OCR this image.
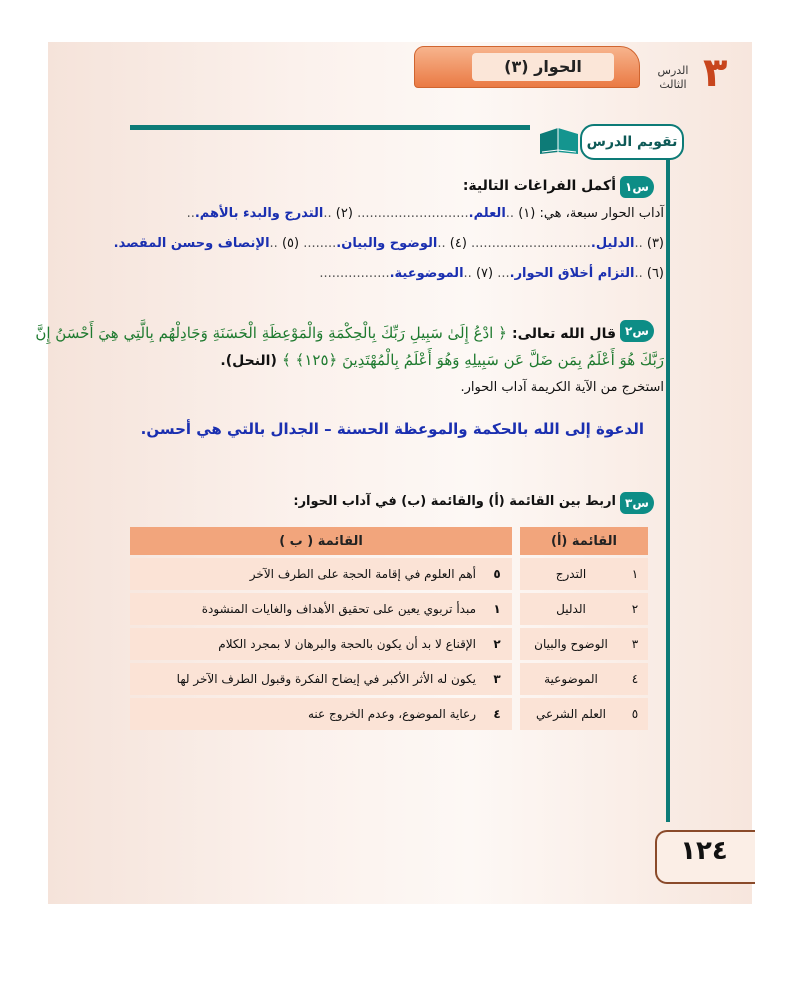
٣
الدرس
الثالث
الحوار (٣)
تقويم الدرس
س١
أكمل الفراغات التالية:
آداب الحوار سبعة، هي: (١) ..العلم............................ (٢) ..التدرج والبدء بالأهم...
(٣) ..الدليل.............................. (٤) ..الوضوح والبيان......... (٥) ..الإنصاف وحسن المقصد.
(٦) ..التزام أخلاق الحوار.... (٧) ..الموضوعية..................
س٢
قال الله تعالى: ﴿ ادْعُ إِلَىٰ سَبِيلِ رَبِّكَ بِالْحِكْمَةِ وَالْمَوْعِظَةِ الْحَسَنَةِ وَجَادِلْهُم بِالَّتِي هِيَ أَحْسَنُ إِنَّ
رَبَّكَ هُوَ أَعْلَمُ بِمَن ضَلَّ عَن سَبِيلِهِ وَهُوَ أَعْلَمُ بِالْمُهْتَدِينَ ﴿١٢٥﴾ ﴾ (النحل).
استخرج من الآية الكريمة آداب الحوار.
الدعوة إلى الله بالحكمة والموعظة الحسنة – الجدال بالتي هي أحسن.
س٣
اربط بين القائمة (أ) والقائمة (ب) في آداب الحوار:
القائمة (أ)			القائمة ( ب )	
١	التدرج		٥	أهم العلوم في إقامة الحجة على الطرف الآخر
٢	الدليل		١	مبدأ تربوي يعين على تحقيق الأهداف والغايات المنشودة
٣	الوضوح والبيان		٢	الإقناع لا بد أن يكون بالحجة والبرهان لا بمجرد الكلام
٤	الموضوعية		٣	يكون له الأثر الأكبر في إيضاح الفكرة وقبول الطرف الآخر لها
٥	العلم الشرعي		٤	رعاية الموضوع، وعدم الخروج عنه
١٢٤
